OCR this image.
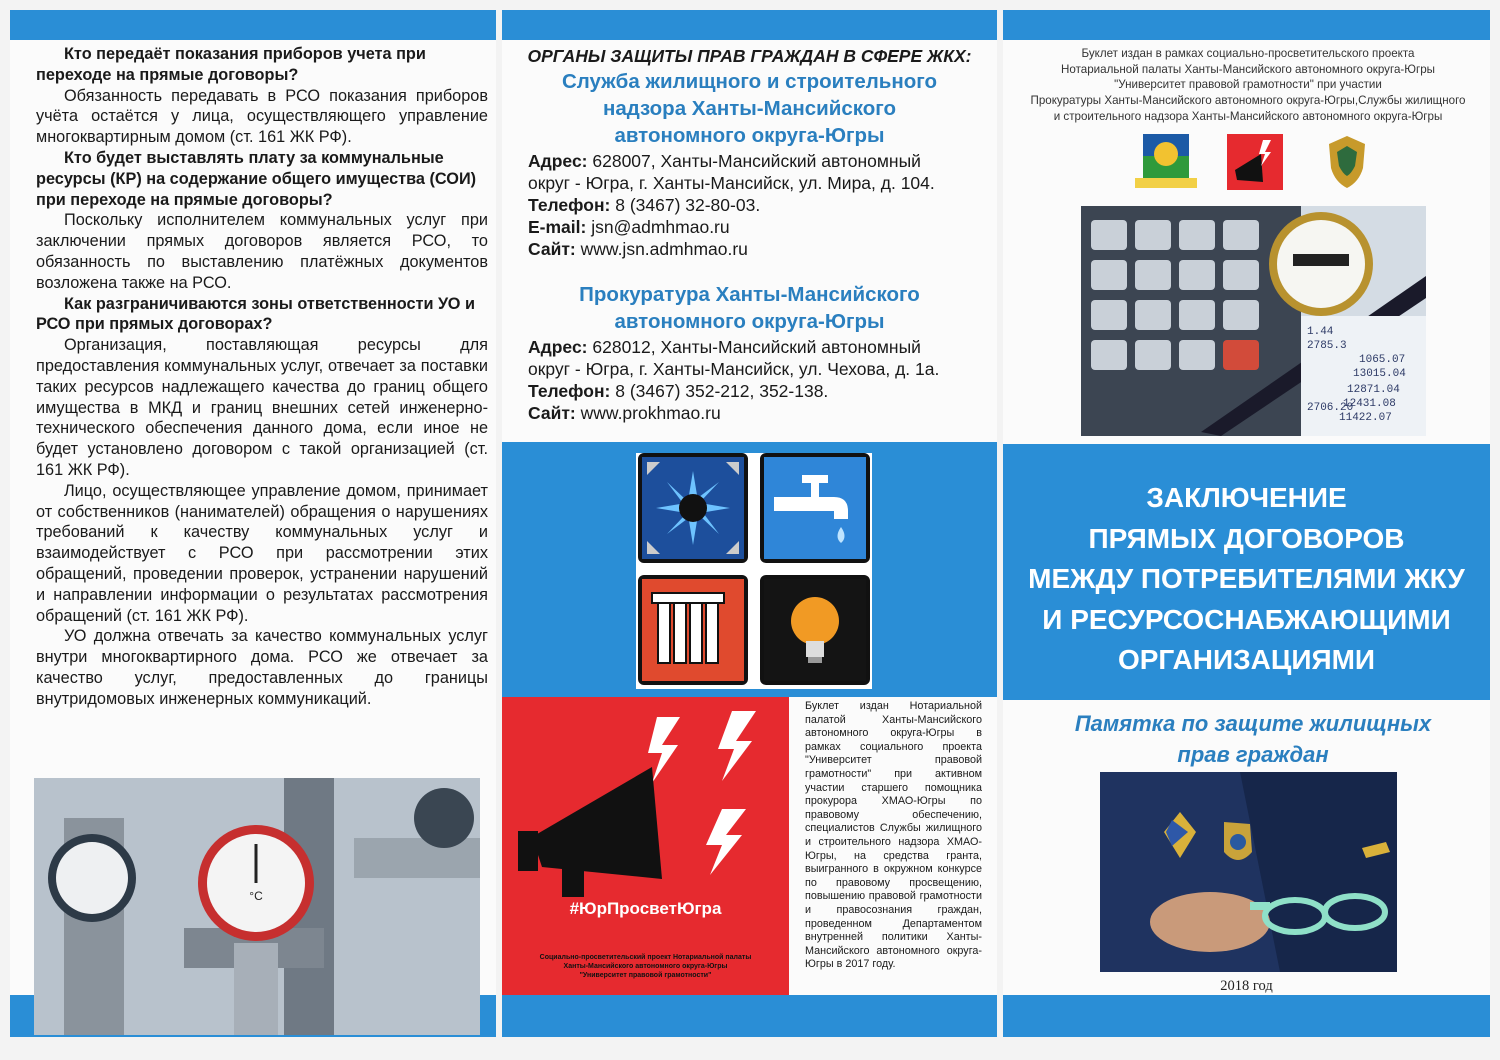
Кто передаёт показания приборов учета при переходе на прямые договоры?

Обязанность передавать в РСО показания приборов учёта остаётся у лица, осуществляющего управление многоквартирным домом (ст. 161 ЖК РФ).

Кто будет выставлять плату за коммунальные ресурсы (КР) на содержание общего имущества (СОИ) при переходе на прямые договоры?

Поскольку исполнителем коммунальных услуг при заключении прямых договоров является РСО, то обязанность по выставлению платёжных документов возложена также на РСО.

Как разграничиваются зоны ответственности УО и РСО при прямых договорах?

Организация, поставляющая ресурсы для предоставления коммунальных услуг, отвечает за поставки таких ресурсов надлежащего качества до границ общего имущества в МКД и границ внешних сетей инженерно-технического обеспечения данного дома, если иное не будет установлено договором с такой организацией (ст. 161 ЖК РФ).

Лицо, осуществляющее управление домом, принимает от собственников (нанимателей) обращения о нарушениях требований к качеству коммунальных услуг и взаимодействует с РСО при рассмотрении этих обращений, проведении проверок, устранении нарушений и направлении информации о результатах рассмотрения обращений (ст. 161 ЖК РФ).

УО должна отвечать за качество коммунальных услуг внутри многоквартирного дома. РСО же отвечает за качество услуг, предоставленных до границы внутридомовых инженерных коммуникаций.

°С
ОРГАНЫ ЗАЩИТЫ ПРАВ ГРАЖДАН В СФЕРЕ ЖКХ:
Служба жилищного и строительного
надзора Ханты-Мансийского
автономного округа-Югры
Адрес: 628007, Ханты-Мансийский автономный
округ - Югра, г. Ханты-Мансийск, ул. Мира, д. 104.
Телефон: 8 (3467) 32-80-03.
E-mail: jsn@admhmao.ru
Сайт: www.jsn.admhmao.ru
Прокуратура Ханты-Мансийского
автономного округа-Югры
Адрес: 628012, Ханты-Мансийский автономный
округ - Югра, г. Ханты-Мансийск, ул. Чехова, д. 1а.
Телефон: 8 (3467) 352-212, 352-138.
Сайт: www.prokhmao.ru
#ЮрПросветЮгра
Социально-просветительский проект Нотариальной палаты
Ханты-Мансийского автономного округа-Югры
"Университет правовой грамотности"
Буклет издан Нотариальной палатой Ханты-Мансийского автономного округа-Югры в рамках социального проекта "Университет правовой грамотности" при активном участии старшего помощника прокурора ХМАО-Югры по правовому обеспечению, специалистов Службы жилищного и строительного надзора ХМАО-Югры, на средства гранта, выигранного в окружном конкурсе по правовому просвещению, повышению правовой грамотности и правосознания граждан, проведенном Департаментом внутренней политики Ханты-Мансийского автономного округа-Югры в 2017 году.
Буклет издан в рамках социально-просветительского проекта
Нотариальной палаты Ханты-Мансийского автономного округа-Югры
"Университет правовой грамотности" при участии
Прокуратуры Ханты-Мансийского автономного округа-Югры,Службы жилищного
и строительного надзора Ханты-Мансийского автономного округа-Югры
1.44
2785.3
1065.07
13015.04
12871.04
12431.08
11422.07
2706.20
ЗАКЛЮЧЕНИЕ
ПРЯМЫХ ДОГОВОРОВ
МЕЖДУ ПОТРЕБИТЕЛЯМИ ЖКУ
И РЕСУРСОСНАБЖАЮЩИМИ
ОРГАНИЗАЦИЯМИ
Памятка по защите жилищных
прав граждан
2018 год
